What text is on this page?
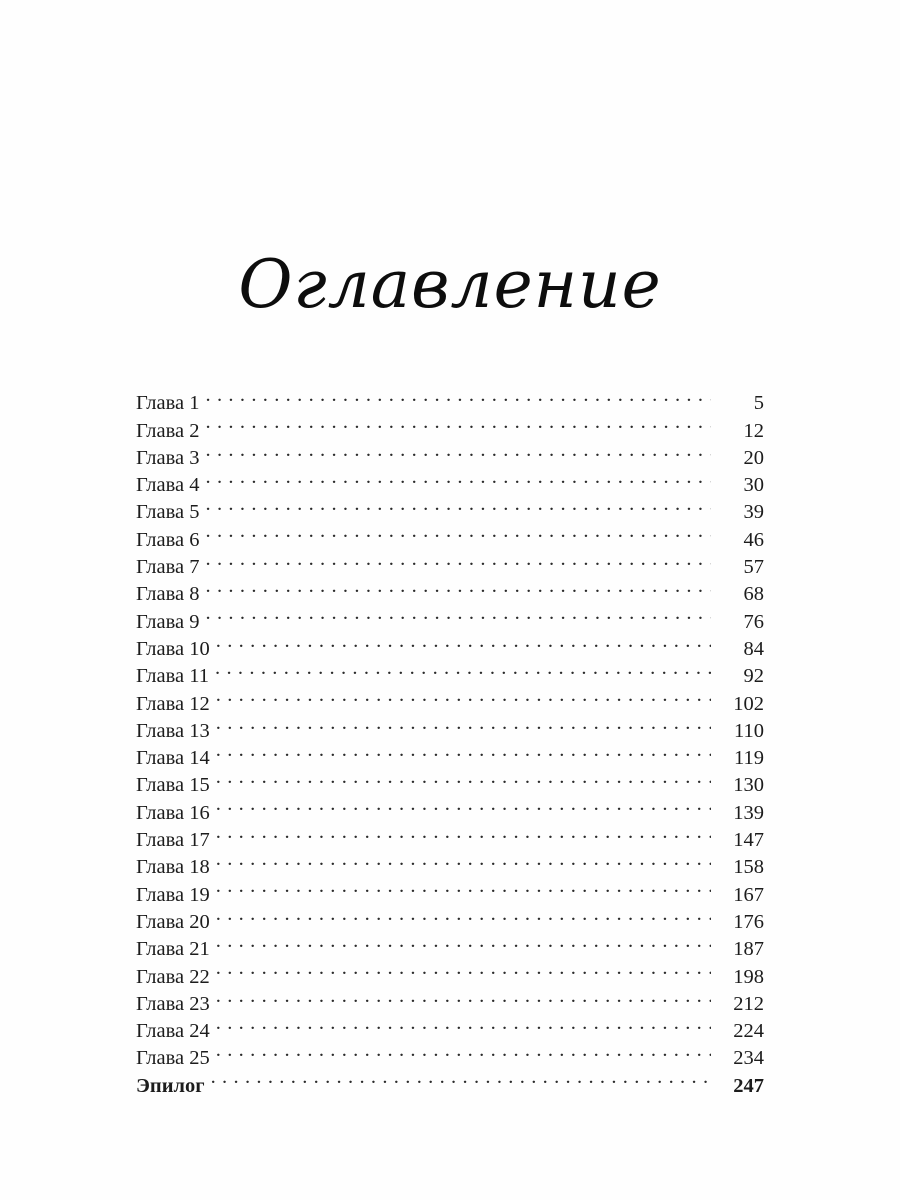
Оглавление
Глава 1 . . .	5
Глава 2 . . .	12
Глава 3 . . .	20
Глава 4 . . .	30
Глава 5 . . .	39
Глава 6 . . .	46
Глава 7 . . .	57
Глава 8 . . .	68
Глава 9 . . .	76
Глава 10 . . .	84
Глава 11 . . .	92
Глава 12 . . .	102
Глава 13 . . .	110
Глава 14 . . .	119
Глава 15 . . .	130
Глава 16 . . .	139
Глава 17 . . .	147
Глава 18 . . .	158
Глава 19 . . .	167
Глава 20 . . .	176
Глава 21 . . .	187
Глава 22 . . .	198
Глава 23 . . .	212
Глава 24 . . .	224
Глава 25 . . .	234
Эпилог . . .	247
